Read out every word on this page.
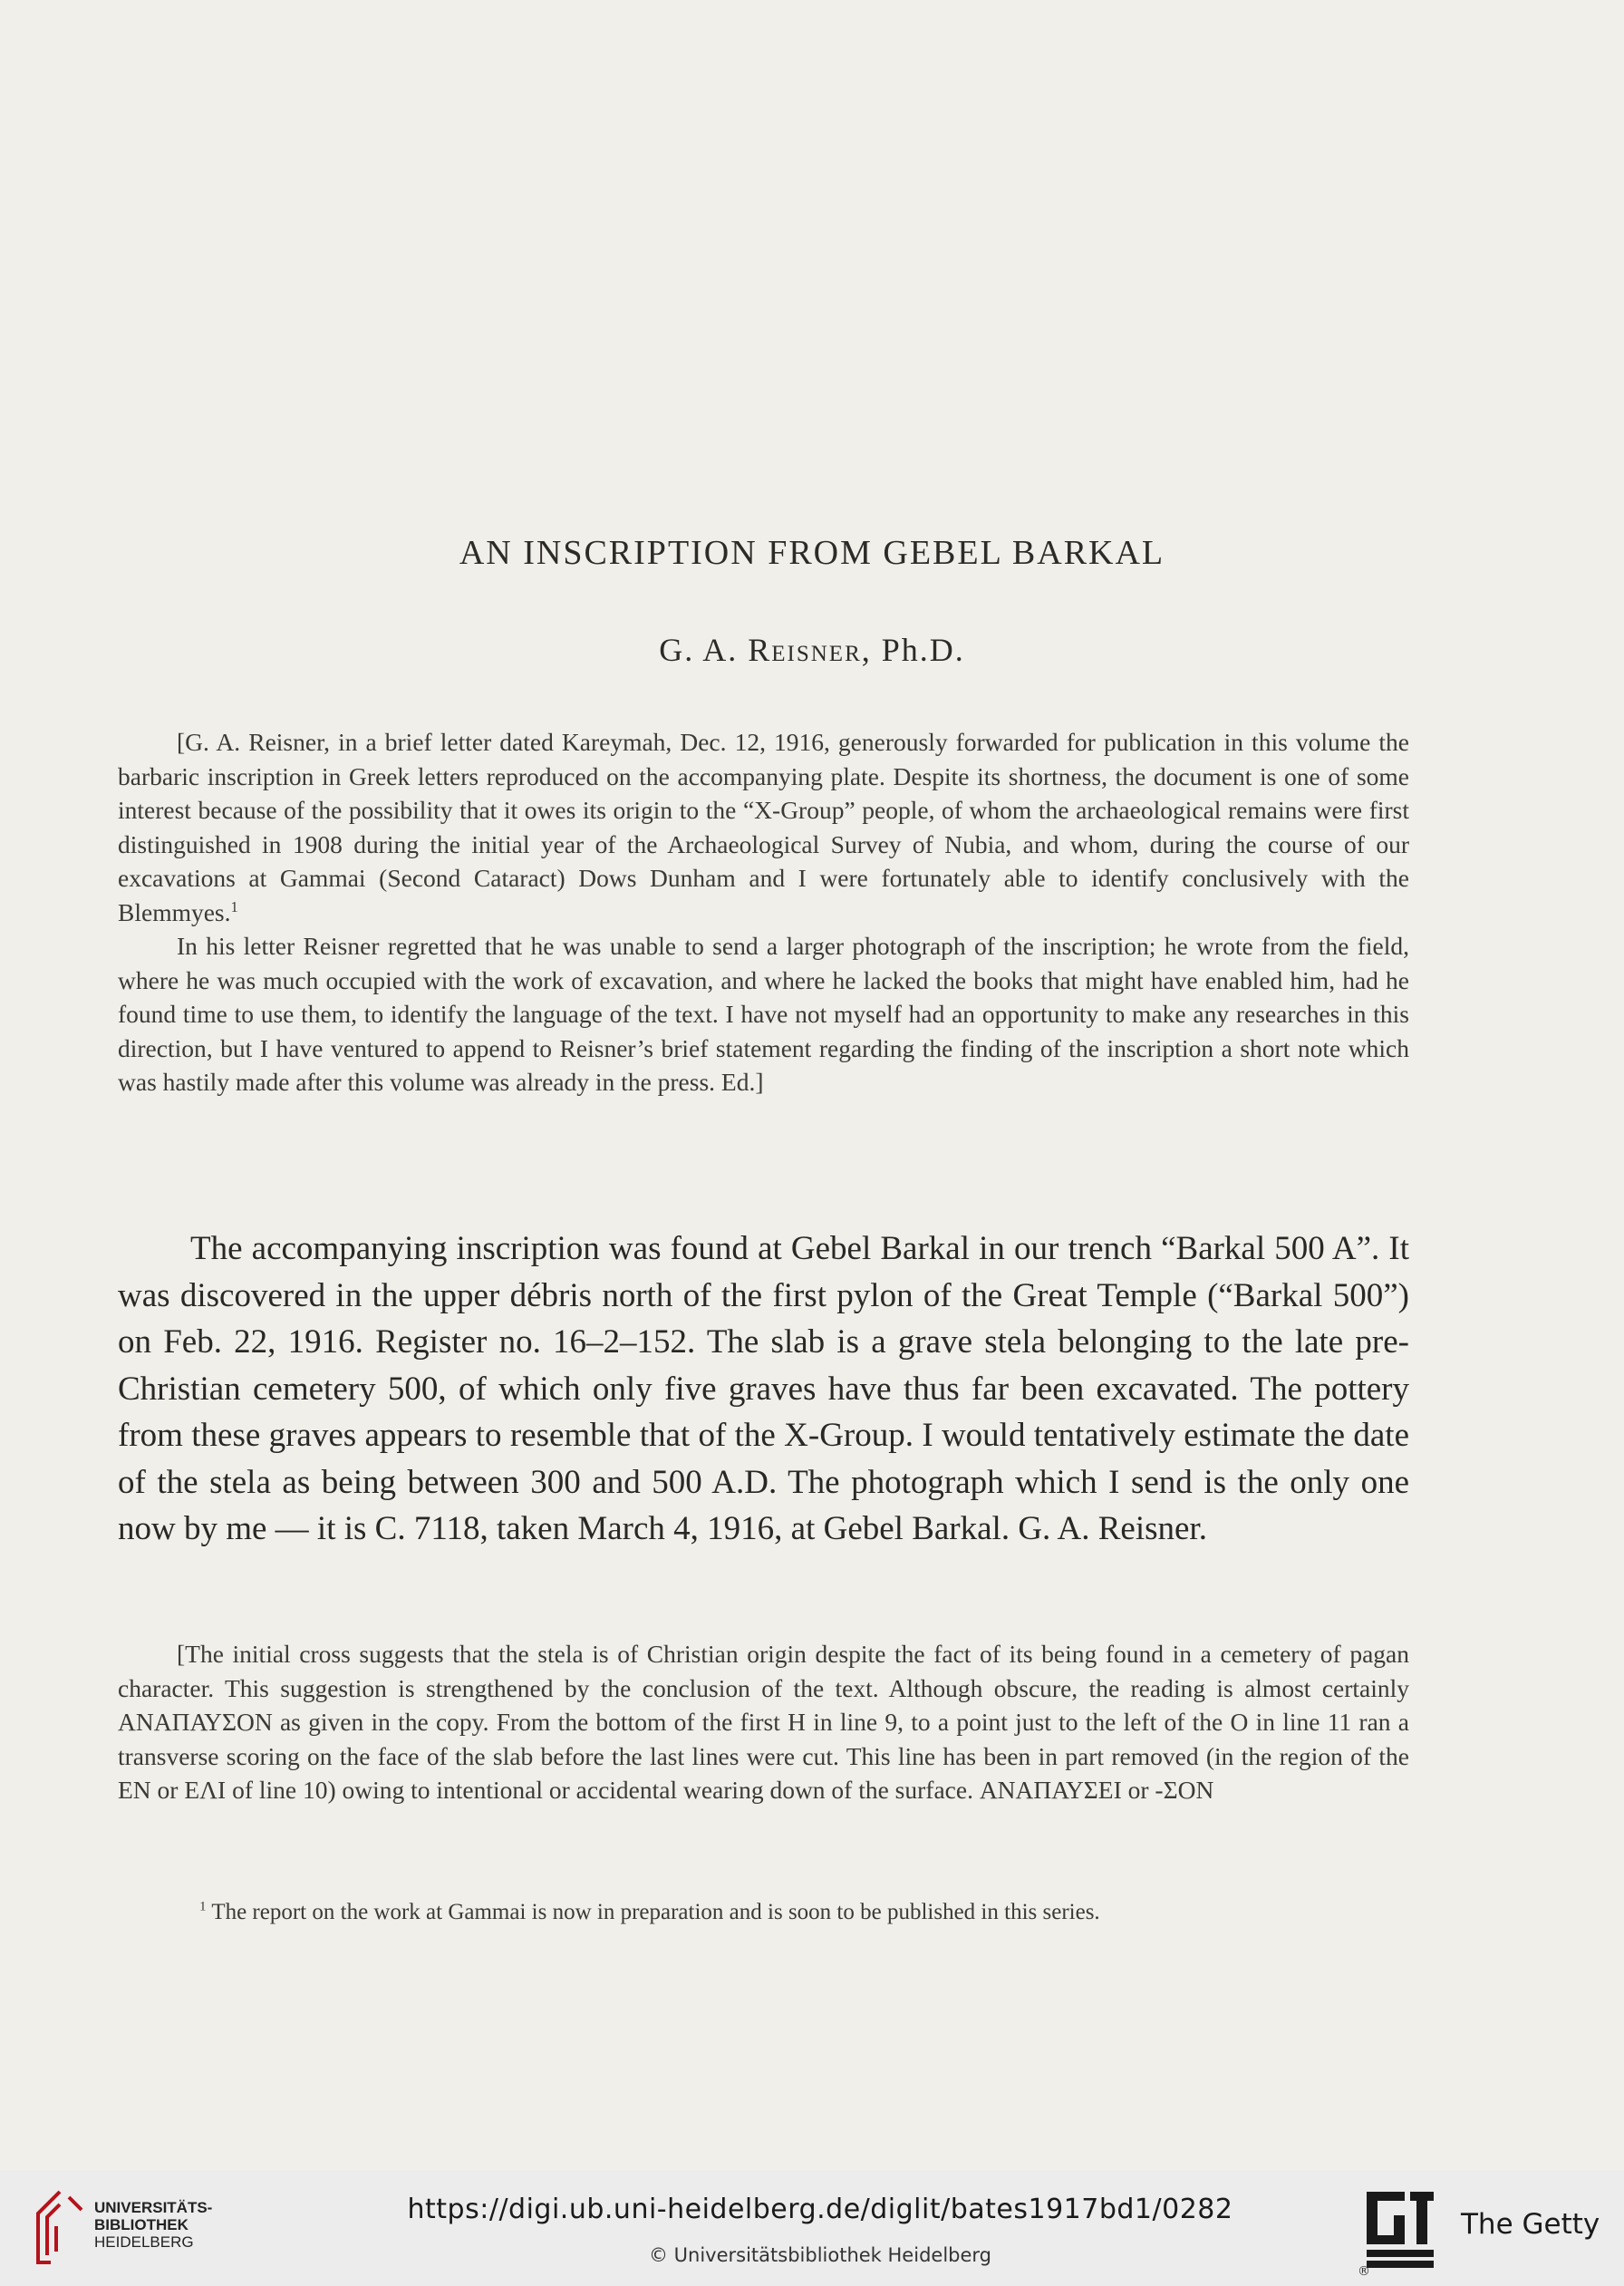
AN INSCRIPTION FROM GEBEL BARKAL
G. A. Reisner, Ph.D.

[G. A. Reisner, in a brief letter dated Kareymah, Dec. 12, 1916, generously forwarded for publication in this volume the barbaric inscription in Greek letters reproduced on the accompanying plate. Despite its shortness, the document is one of some interest because of the possibility that it owes its origin to the “X-Group” people, of whom the archaeological remains were first distinguished in 1908 during the initial year of the Archaeological Survey of Nubia, and whom, during the course of our excavations at Gammai (Second Cataract) Dows Dunham and I were fortunately able to identify conclusively with the Blemmyes.$^1$

In his letter Reisner regretted that he was unable to send a larger photograph of the inscription; he wrote from the field, where he was much occupied with the work of excavation, and where he lacked the books that might have enabled him, had he found time to use them, to identify the language of the text. I have not myself had an opportunity to make any researches in this direction, but I have ventured to append to Reisner’s brief statement regarding the finding of the inscription a short note which was hastily made after this volume was already in the press. Ed.]

The accompanying inscription was found at Gebel Barkal in our trench “Barkal 500 A”. It was discovered in the upper débris north of the first pylon of the Great Temple (“Barkal 500”) on Feb. 22, 1916. Register no. 16–2–152. The slab is a grave stela belonging to the late pre-Christian cemetery 500, of which only five graves have thus far been excavated. The pottery from these graves appears to resemble that of the X-Group. I would tentatively estimate the date of the stela as being between 300 and 500 A.D. The photograph which I send is the only one now by me — it is C. 7118, taken March 4, 1916, at Gebel Barkal. G. A. Reisner.

[The initial cross suggests that the stela is of Christian origin despite the fact of its being found in a cemetery of pagan character. This suggestion is strengthened by the conclusion of the text. Although obscure, the reading is almost certainly ΑΝΑΠΑΥΣΟΝ as given in the copy. From the bottom of the first Η in line 9, to a point just to the left of the Ο in line 11 ran a transverse scoring on the face of the slab before the last lines were cut. This line has been in part removed (in the region of the ΕΝ or ΕΛΙ of line 10) owing to intentional or accidental wearing down of the surface. ΑΝΑΠΑΥΣΕΙ or -ΣΟΝ

$^1$ The report on the work at Gammai is now in preparation and is soon to be published in this series.
UNIVERSITÄTS-
BIBLIOTHEK
HEIDELBERG
https://digi.ub.uni-heidelberg.de/diglit/bates1917bd1/0282
© Universitätsbibliothek Heidelberg
®
The Getty
